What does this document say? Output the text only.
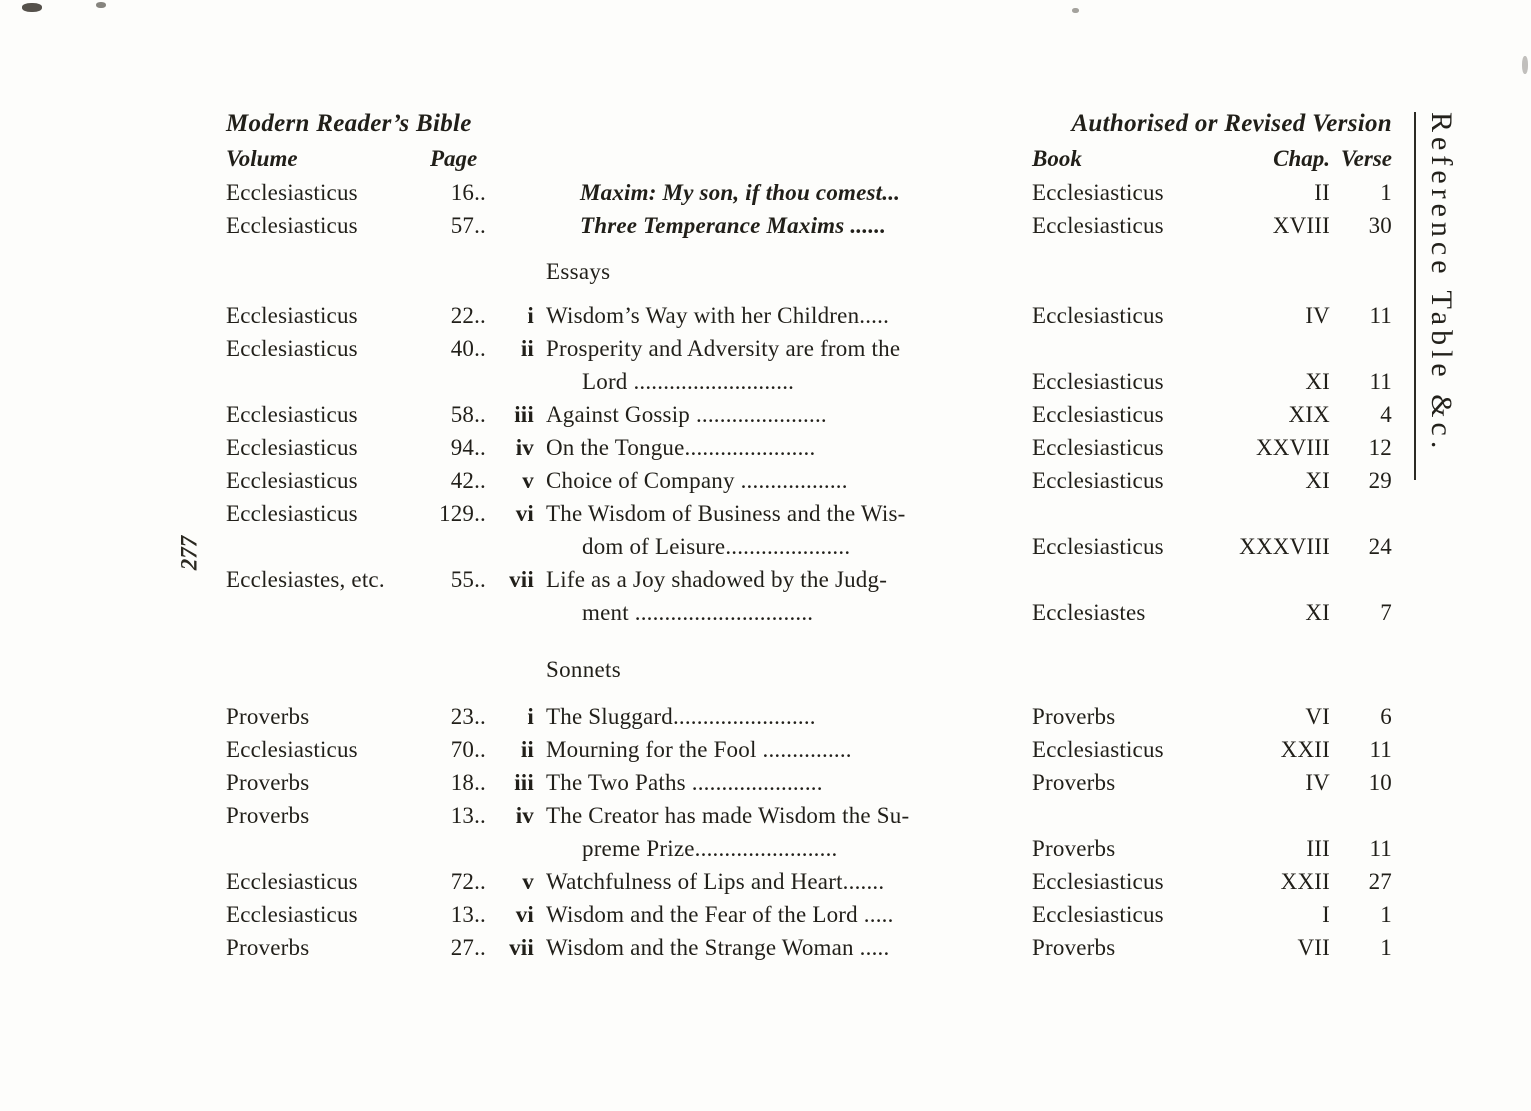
Modern Reader’s Bible	Authorised or Revised Version
Volume	Page	Book	Chap. Verse
Ecclesiasticus	16..	Maxim: My son, if thou comest...	Ecclesiasticus	II	1
Ecclesiasticus	57..	Three Temperance Maxims ......	Ecclesiasticus	XVIII	30
Essays
Ecclesiasticus	22..	i Wisdom’s Way with her Children.....	Ecclesiasticus	IV	11
Ecclesiasticus	40..	ii Prosperity and Adversity are from the
Lord ...........................	Ecclesiasticus	XI	11
Ecclesiasticus	58..	iii Against Gossip ......................	Ecclesiasticus	XIX	4
Ecclesiasticus	94..	iv On the Tongue......................	Ecclesiasticus	XXVIII	12
Ecclesiasticus	42..	v Choice of Company ..................	Ecclesiasticus	XI	29
Ecclesiasticus	129..	vi The Wisdom of Business and the Wis-
dom of Leisure.....................	Ecclesiasticus	XXXVIII	24
Ecclesiastes, etc.	55..	vii Life as a Joy shadowed by the Judg-
ment ..............................	Ecclesiastes	XI	7
Sonnets
Proverbs	23..	i The Sluggard........................	Proverbs	VI	6
Ecclesiasticus	70..	ii Mourning for the Fool ...............	Ecclesiasticus	XXII	11
Proverbs	18..	iii The Two Paths ......................	Proverbs	IV	10
Proverbs	13..	iv The Creator has made Wisdom the Su-
preme Prize........................	Proverbs	III	11
Ecclesiasticus	72..	v Watchfulness of Lips and Heart.......	Ecclesiasticus	XXII	27
Ecclesiasticus	13..	vi Wisdom and the Fear of the Lord .....	Ecclesiasticus	I	1
Proverbs	27..	vii Wisdom and the Strange Woman .....	Proverbs	VII	1
Reference Table &c.
277
